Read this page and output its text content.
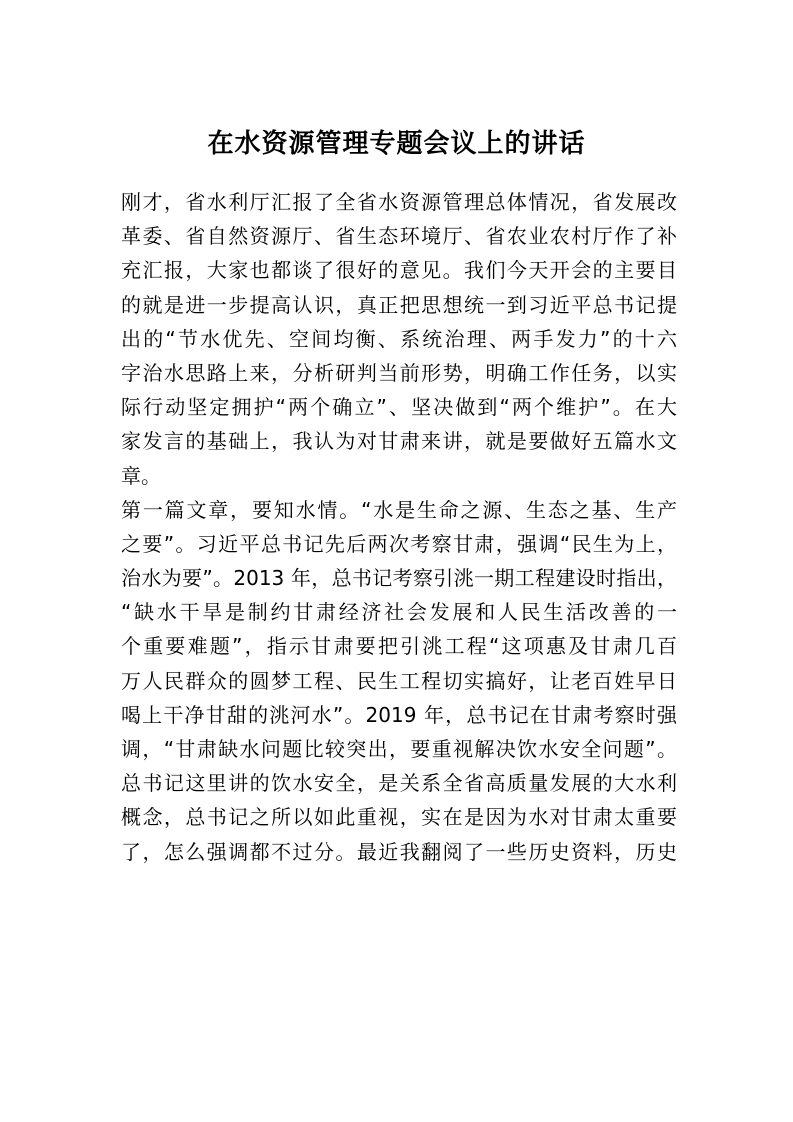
在水资源管理专题会议上的讲话
刚才，省水利厅汇报了全省水资源管理总体情况，省发展改
革委、省自然资源厅、省生态环境厅、省农业农村厅作了补
充汇报，大家也都谈了很好的意见。我们今天开会的主要目
的就是进一步提高认识，真正把思想统一到习近平总书记提
出的“节水优先、空间均衡、系统治理、两手发力”的十六
字治水思路上来，分析研判当前形势，明确工作任务，以实
际行动坚定拥护“两个确立”、坚决做到“两个维护”。在大
家发言的基础上，我认为对甘肃来讲，就是要做好五篇水文
章。
第一篇文章，要知水情。“水是生命之源、生态之基、生产
之要”。习近平总书记先后两次考察甘肃，强调“民生为上，
治水为要”。2013 年，总书记考察引洮一期工程建设时指出，
“缺水干旱是制约甘肃经济社会发展和人民生活改善的一
个重要难题”，指示甘肃要把引洮工程“这项惠及甘肃几百
万人民群众的圆梦工程、民生工程切实搞好，让老百姓早日
喝上干净甘甜的洮河水”。2019 年，总书记在甘肃考察时强
调，“甘肃缺水问题比较突出，要重视解决饮水安全问题”。
总书记这里讲的饮水安全，是关系全省高质量发展的大水利
概念，总书记之所以如此重视，实在是因为水对甘肃太重要
了，怎么强调都不过分。最近我翻阅了一些历史资料，历史
